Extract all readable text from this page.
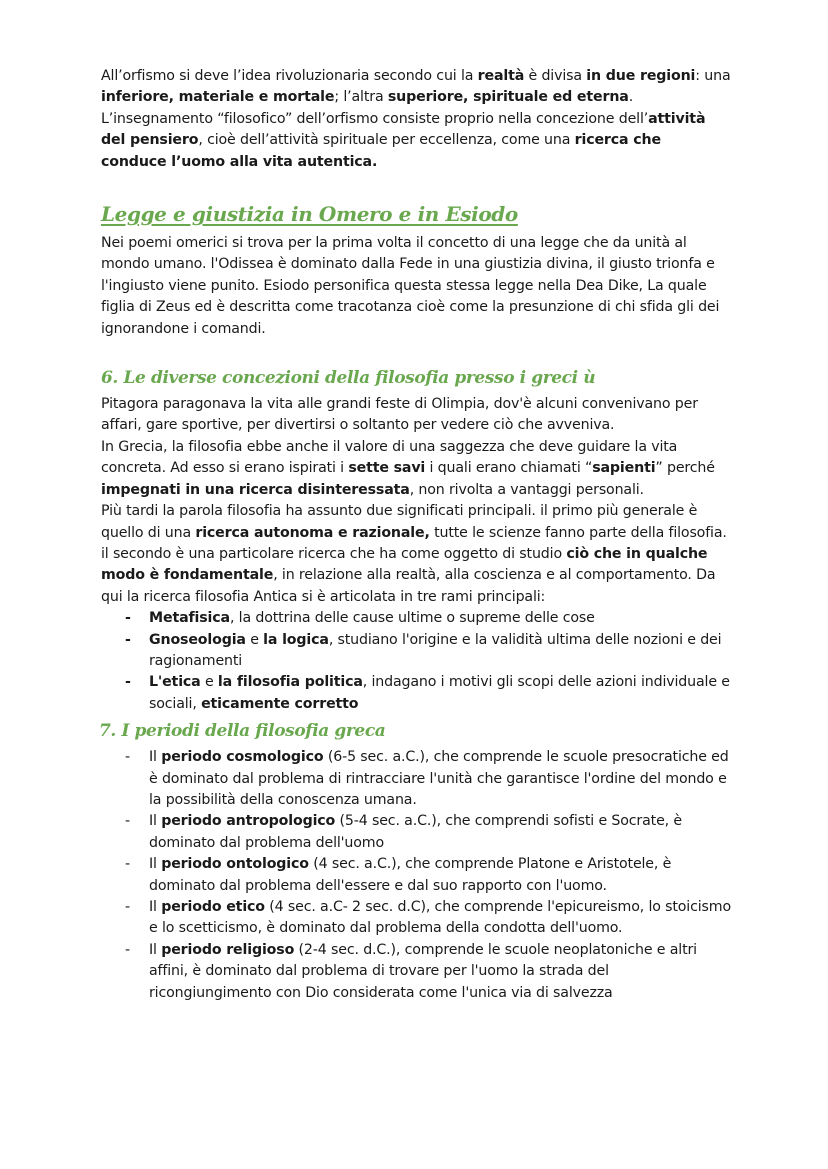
All’orfismo si deve l’idea rivoluzionaria secondo cui la realtà è divisa in due regioni: una inferiore, materiale e mortale; l’altra superiore, spirituale ed eterna. L’insegnamento “filosofico” dell’orfismo consiste proprio nella concezione dell’attività del pensiero, cioè dell’attività spirituale per eccellenza, come una ricerca che conduce l’uomo alla vita autentica.

Legge e giustizia in Omero e in Esiodo

Nei poemi omerici si trova per la prima volta il concetto di una legge che da unità al mondo umano. l'Odissea è dominato dalla Fede in una giustizia divina, il giusto trionfa e l'ingiusto viene punito. Esiodo personifica questa stessa legge nella Dea Dike, La quale figlia di Zeus ed è descritta come tracotanza cioè come la presunzione di chi sfida gli dei ignorandone i comandi.

6. Le diverse concezioni della filosofia presso i greci ù

Pitagora paragonava la vita alle grandi feste di Olimpia, dov'è alcuni convenivano per affari, gare sportive, per divertirsi o soltanto per vedere ciò che avveniva.
In Grecia, la filosofia ebbe anche il valore di una saggezza che deve guidare la vita concreta. Ad esso si erano ispirati i sette savi i quali erano chiamati “sapienti” perché impegnati in una ricerca disinteressata, non rivolta a vantaggi personali.
Più tardi la parola filosofia ha assunto due significati principali. il primo più generale è quello di una ricerca autonoma e razionale, tutte le scienze fanno parte della filosofia. il secondo è una particolare ricerca che ha come oggetto di studio ciò che in qualche modo è fondamentale, in relazione alla realtà, alla coscienza e al comportamento. Da qui la ricerca filosofia Antica si è articolata in tre rami principali:

- Metafisica, la dottrina delle cause ultime o supreme delle cose
- Gnoseologia e la logica, studiano l'origine e la validità ultima delle nozioni e dei ragionamenti
- L'etica e la filosofia politica, indagano i motivi gli scopi delle azioni individuale e sociali, eticamente corretto
7. I periodi della filosofia greca
- Il periodo cosmologico (6-5 sec. a.C.), che comprende le scuole presocratiche ed è dominato dal problema di rintracciare l'unità che garantisce l'ordine del mondo e la possibilità della conoscenza umana.
- Il periodo antropologico (5-4 sec. a.C.), che comprendi sofisti e Socrate, è dominato dal problema dell'uomo
- Il periodo ontologico (4 sec. a.C.), che comprende Platone e Aristotele, è dominato dal problema dell'essere e dal suo rapporto con l'uomo.
- Il periodo etico (4 sec. a.C- 2 sec. d.C), che comprende l'epicureismo, lo stoicismo e lo scetticismo, è dominato dal problema della condotta dell'uomo.
- Il periodo religioso (2-4 sec. d.C.), comprende le scuole neoplatoniche e altri affini, è dominato dal problema di trovare per l'uomo la strada del ricongiungimento con Dio considerata come l'unica via di salvezza
